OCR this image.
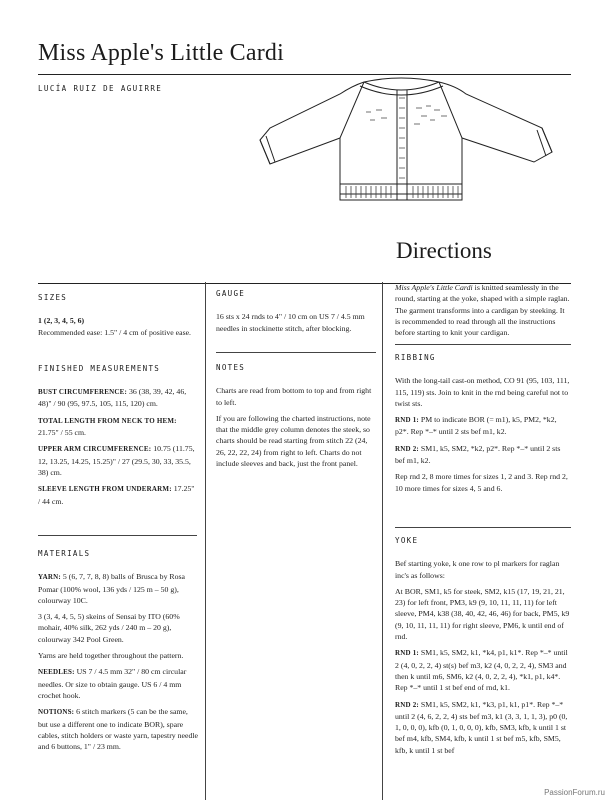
Miss Apple's Little Cardi
LUCÍA RUIZ DE AGUIRRE
Directions
SIZES

1 (2, 3, 4, 5, 6)
Recommended ease: 1.5" / 4 cm of positive ease.

FINISHED MEASUREMENTS

BUST CIRCUMFERENCE: 36 (38, 39, 42, 46, 48)" / 90 (95, 97.5, 105, 115, 120) cm.

TOTAL LENGTH FROM NECK TO HEM: 21.75" / 55 cm.

UPPER ARM CIRCUMFERENCE: 10.75 (11.75, 12, 13.25, 14.25, 15.25)" / 27 (29.5, 30, 33, 35.5, 38) cm.

SLEEVE LENGTH FROM UNDERARM: 17.25" / 44 cm.

MATERIALS

YARN: 5 (6, 7, 7, 8, 8) balls of Brusca by Rosa Pomar (100% wool, 136 yds / 125 m – 50 g), colourway 10C.

3 (3, 4, 4, 5, 5) skeins of Sensai by ITO (60% mohair, 40% silk, 262 yds / 240 m – 20 g), colourway 342 Pool Green.

Yarns are held together throughout the pattern.

NEEDLES: US 7 / 4.5 mm 32" / 80 cm circular needles. Or size to obtain gauge. US 6 / 4 mm crochet hook.

NOTIONS: 6 stitch markers (5 can be the same, but use a different one to indicate BOR), spare cables, stitch holders or waste yarn, tapestry needle and 6 buttons, 1" / 23 mm.

GAUGE

16 sts x 24 rnds to 4" / 10 cm on US 7 / 4.5 mm needles in stockinette stitch, after blocking.

NOTES

Charts are read from bottom to top and from right to left.

If you are following the charted instructions, note that the middle grey column denotes the steek, so charts should be read starting from stitch 22 (24, 26, 22, 22, 24) from right to left. Charts do not include sleeves and back, just the front panel.

Miss Apple's Little Cardi is knitted seamlessly in the round, starting at the yoke, shaped with a simple raglan. The garment transforms into a cardigan by steeking. It is recommended to read through all the instructions before starting to knit your cardigan.

RIBBING

With the long-tail cast-on method, CO 91 (95, 103, 111, 115, 119) sts. Join to knit in the rnd being careful not to twist sts.

RND 1: PM to indicate BOR (= m1), k5, PM2, *k2, p2*. Rep *–* until 2 sts bef m1, k2.

RND 2: SM1, k5, SM2, *k2, p2*. Rep *–* until 2 sts bef m1, k2.

Rep rnd 2, 8 more times for sizes 1, 2 and 3. Rep rnd 2, 10 more times for sizes 4, 5 and 6.

YOKE

Bef starting yoke, k one row to pl markers for raglan inc's as follows:

At BOR, SM1, k5 for steek, SM2, k15 (17, 19, 21, 21, 23) for left front, PM3, k9 (9, 10, 11, 11, 11) for left sleeve, PM4, k38 (38, 40, 42, 46, 46) for back, PM5, k9 (9, 10, 11, 11, 11) for right sleeve, PM6, k until end of rnd.

RND 1: SM1, k5, SM2, k1, *k4, p1, k1*. Rep *–* until 2 (4, 0, 2, 2, 4) st(s) bef m3, k2 (4, 0, 2, 2, 4), SM3 and then k until m6, SM6, k2 (4, 0, 2, 2, 4), *k1, p1, k4*. Rep *–* until 1 st bef end of rnd, k1.

RND 2: SM1, k5, SM2, k1, *k3, p1, k1, p1*. Rep *–* until 2 (4, 6, 2, 2, 4) sts bef m3, k1 (3, 3, 1, 1, 3), p0 (0, 1, 0, 0, 0), kfb (0, 1, 0, 0, 0), kfb, SM3, kfb, k until 1 st bef m4, kfb, SM4, kfb, k until 1 st bef m5, kfb, SM5, kfb, k until 1 st bef

PassionForum.ru
